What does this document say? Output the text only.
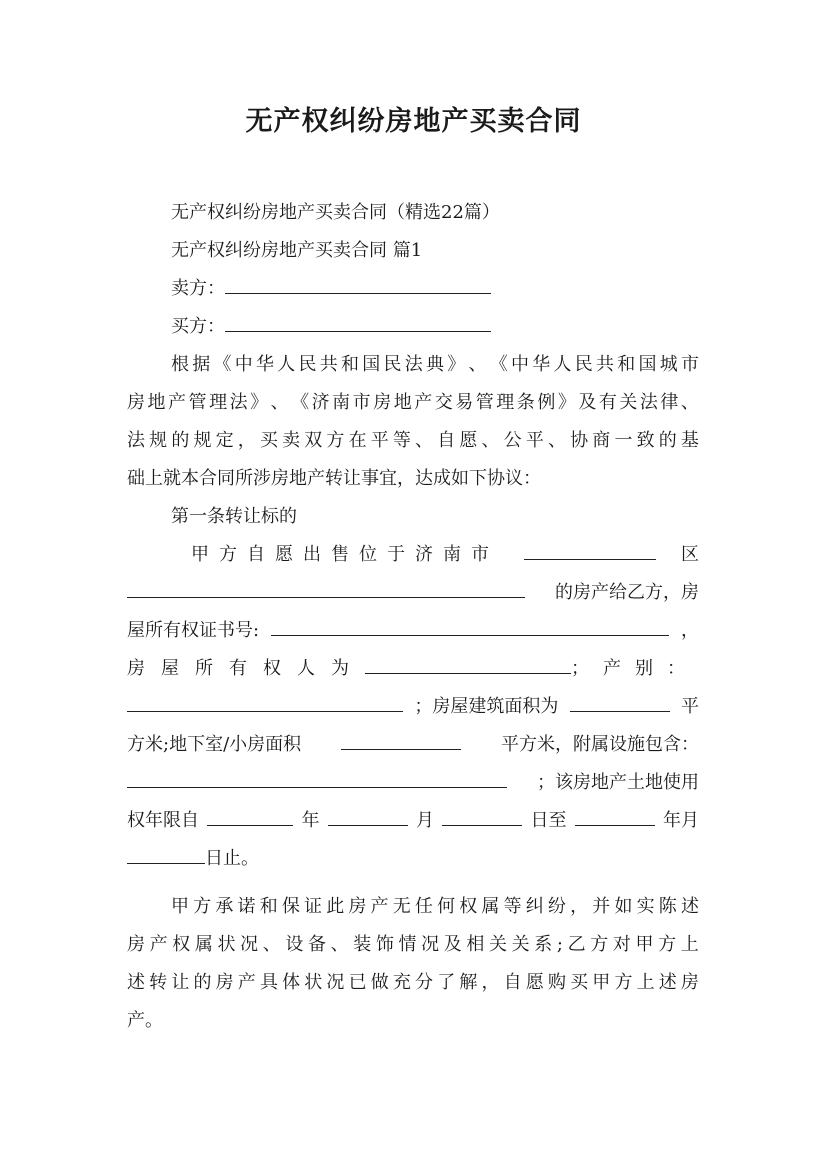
无产权纠纷房地产买卖合同
无产权纠纷房地产买卖合同（精选22篇）
无产权纠纷房地产买卖合同 篇1
卖方：
买方：
根 据 《 中 华 人 民 共 和 国 民 法 典 》 、 《 中 华 人 民 共 和 国 城 市
房 地 产 管 理 法 》 、 《 济 南 市 房 地 产 交 易 管 理 条 例 》 及 有 关 法 律 、
法 规 的 规 定 ， 买 卖 双 方 在 平 等 、 自 愿 、 公 平 、 协 商 一 致 的 基
础上就本合同所涉房地产转让事宜，达成如下协议：
第一条转让标的
甲方自愿出售位于济南市	区
的房产给乙方，房
屋所有权证书号:	，
房屋所有权人为	；产别：
；房屋建筑面积为	平
方米;地下室/小房面积	平方米，附属设施包含：
；该房地产土地使用
权年限自	年	月	日至	年月
日止。
甲 方 承 诺 和 保 证 此 房 产 无 任 何 权 属 等 纠 纷 ， 并 如 实 陈 述
房 产 权 属 状 况 、 设 备 、 装 饰 情 况 及 相 关 关 系 ; 乙 方 对 甲 方 上
述 转 让 的 房 产 具 体 状 况 已 做 充 分 了 解 ， 自 愿 购 买 甲 方 上 述 房
产。
